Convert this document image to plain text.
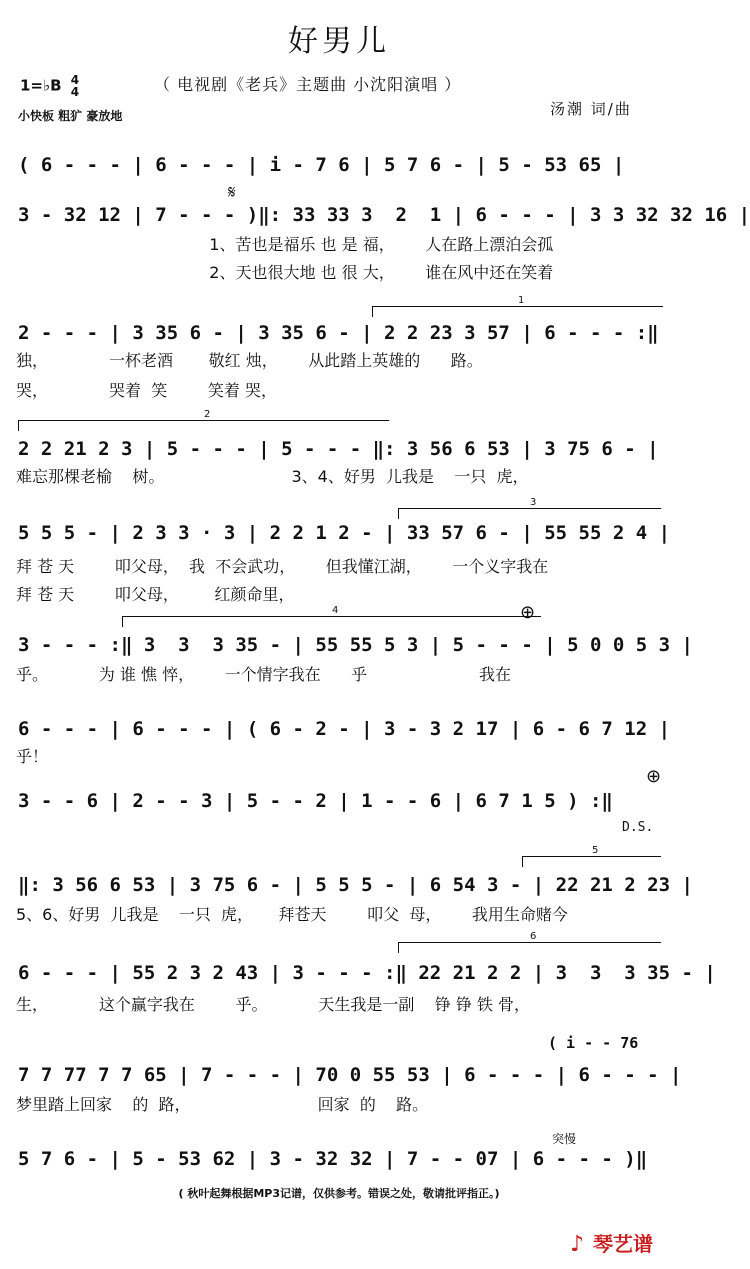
好男儿
1=♭B 4
4	（ 电视剧《老兵》主题曲 小沈阳演唱 ）
小快板 粗犷 豪放地	汤潮 词/曲
( 6 - - - | 6 - - - | i - 7 6 | 5 7 6 - | 5 - 53 65 |
𝄋
3 - 32 12 | 7 - - - )‖: 33 33 3  2  1 | 6 - - - | 3 3 32 32 16 |
1、苦也是福乐 也 是 福，      人在路上漂泊会孤
2、天也很大地 也 很 大，      谁在风中还在笑着
1
2 - - - | 3 35 6 - | 3 35 6 - | 2 2 23 3 57 | 6 - - - :‖
独，            一杯老酒       敬红 烛，      从此踏上英雄的      路。
哭，            哭着  笑        笑着 哭，
2
2 2 21 2 3 | 5 - - - | 5 - - - ‖: 3 56 6 53 | 3 75 6 - |
难忘那棵老榆    树。                         3、4、好男  儿我是    一只  虎，
3
5 5 5 - | 2 3 3 · 3 | 2 2 1 2 - | 33 57 6 - | 55 55 2 4 |
拜 苍 天        叩父母，  我  不会武功，      但我懂江湖，      一个义字我在
拜 苍 天        叩父母，       红颜命里，
4	⊕
3 - - - :‖ 3  3  3 35 - | 55 55 5 3 | 5 - - - | 5 0 0 5 3 |
乎。          为 谁 憔 悴，      一个情字我在      乎                      我在
6 - - - | 6 - - - | ( 6 - 2 - | 3 - 3 2 17 | 6 - 6 7 12 |
乎！
⊕
3 - - 6 | 2 - - 3 | 5 - - 2 | 1 - - 6 | 6 7 1 5 ) :‖
D.S.
5
‖: 3 56 6 53 | 3 75 6 - | 5 5 5 - | 6 54 3 - | 22 21 2 23 |
5、6、好男  儿我是    一只  虎，     拜苍天        叩父  母，      我用生命赌今
6
6 - - - | 55 2 3 2 43 | 3 - - - :‖ 22 21 2 2 | 3  3  3 35 - |
生，          这个赢字我在        乎。          天生我是一副    铮 铮 铁 骨，
( i - - 76
7 7 77 7 7 65 | 7 - - - | 70 0 55 53 | 6 - - - | 6 - - - |
梦里踏上回家    的  路，                         回家  的    路。
突慢
5 7 6 - | 5 - 53 62 | 3 - 32 32 | 7 - - 07 | 6 - - - )‖
( 秋叶起舞根据MP3记谱，仅供参考。错误之处，敬请批评指正。)
♪ 琴艺谱
